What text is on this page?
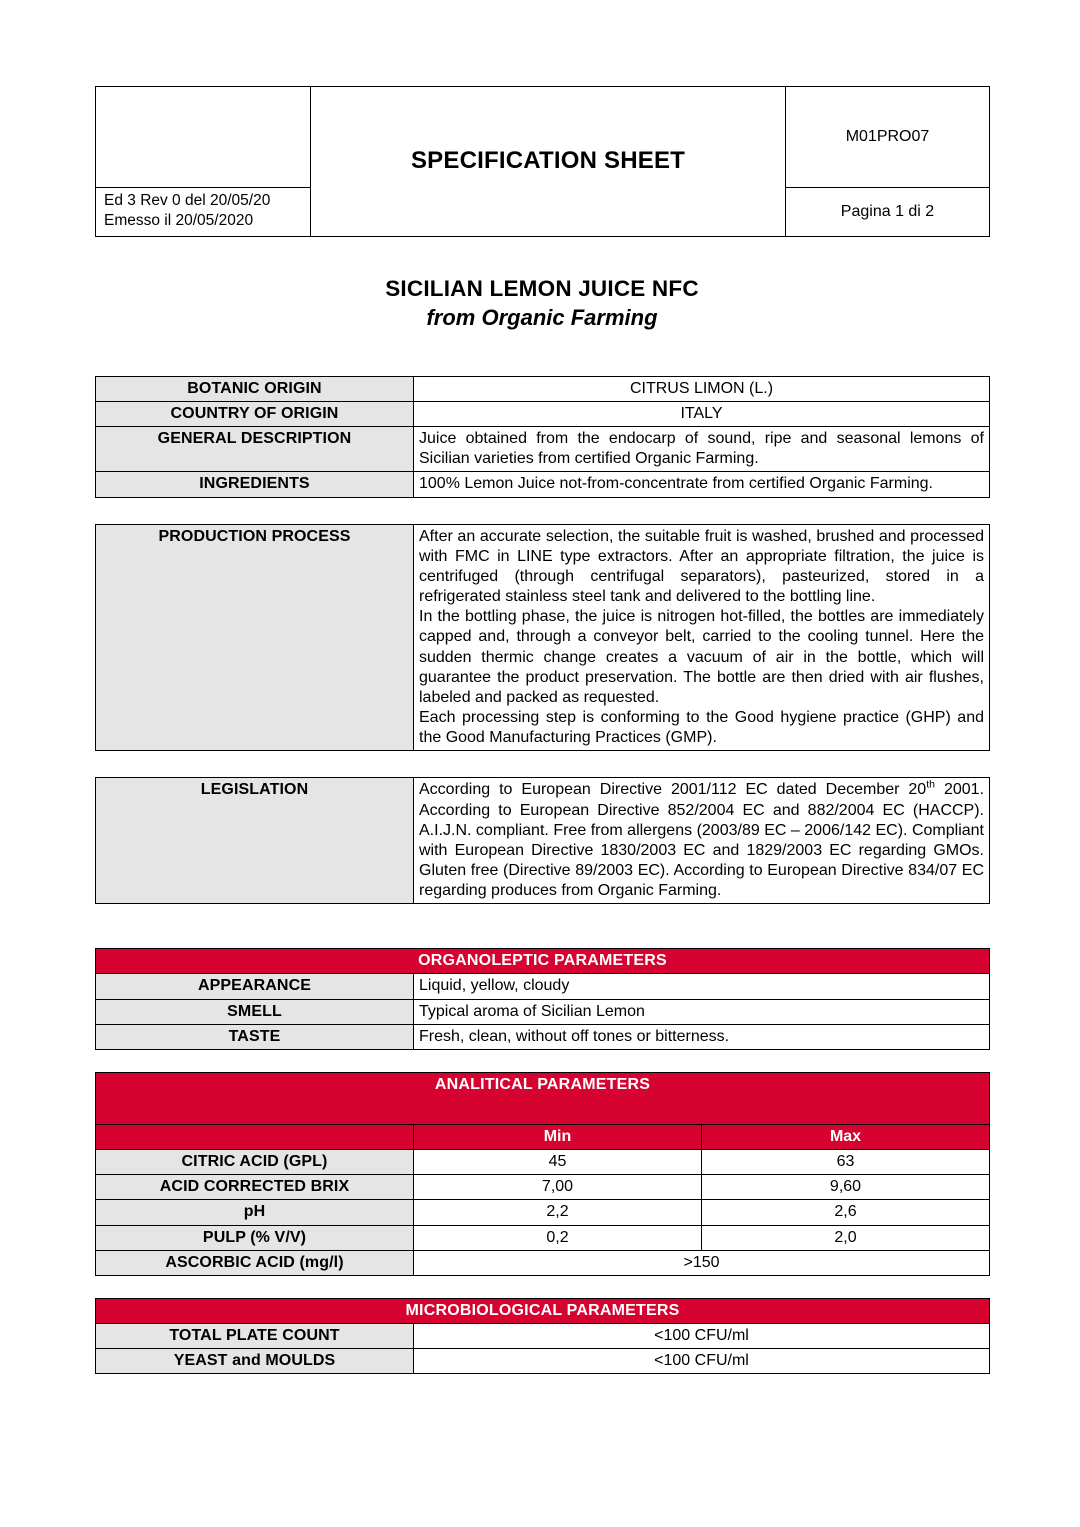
	SPECIFICATION SHEET	M01PRO07

Ed 3 Rev 0 del 20/05/20
Emesso il 20/05/2020		Pagina 1 di 2
SICILIAN LEMON JUICE NFC
from Organic Farming
BOTANIC ORIGIN	CITRUS LIMON (L.)
COUNTRY OF ORIGIN	ITALY
GENERAL DESCRIPTION	Juice obtained from the endocarp of sound, ripe and seasonal lemons of Sicilian varieties from certified Organic Farming.
INGREDIENTS	100% Lemon Juice not-from-concentrate from certified Organic Farming.
PRODUCTION PROCESS	After an accurate selection, the suitable fruit is washed, brushed and processed with FMC in LINE type extractors. After an appropriate filtration, the juice is centrifuged (through centrifugal separators), pasteurized, stored in a refrigerated stainless steel tank and delivered to the bottling line.
In the bottling phase, the juice is nitrogen hot-filled, the bottles are immediately capped and, through a conveyor belt, carried to the cooling tunnel. Here the sudden thermic change creates a vacuum of air in the bottle, which will guarantee the product preservation. The bottle are then dried with air flushes, labeled and packed as requested.
Each processing step is conforming to the Good hygiene practice (GHP) and the Good Manufacturing Practices (GMP).
LEGISLATION	According to European Directive 2001/112 EC dated December 20th 2001. According to European Directive 852/2004 EC and 882/2004 EC (HACCP). A.I.J.N. compliant. Free from allergens (2003/89 EC – 2006/142 EC). Compliant with European Directive 1830/2003 EC and 1829/2003 EC regarding GMOs. Gluten free (Directive 89/2003 EC). According to European Directive 834/07 EC regarding produces from Organic Farming.
ORGANOLEPTIC PARAMETERS	
APPEARANCE	Liquid, yellow, cloudy
SMELL	Typical aroma of Sicilian Lemon
TASTE	Fresh, clean, without off tones or bitterness.
ANALITICAL PARAMETERS		
	Min	Max
CITRIC ACID (GPL)	45	63
ACID CORRECTED BRIX	7,00	9,60
pH	2,2	2,6
PULP (% V/V)	0,2	2,0
ASCORBIC ACID (mg/l)	>150	
MICROBIOLOGICAL PARAMETERS	
TOTAL PLATE COUNT	<100 CFU/ml
YEAST and MOULDS	<100 CFU/ml
